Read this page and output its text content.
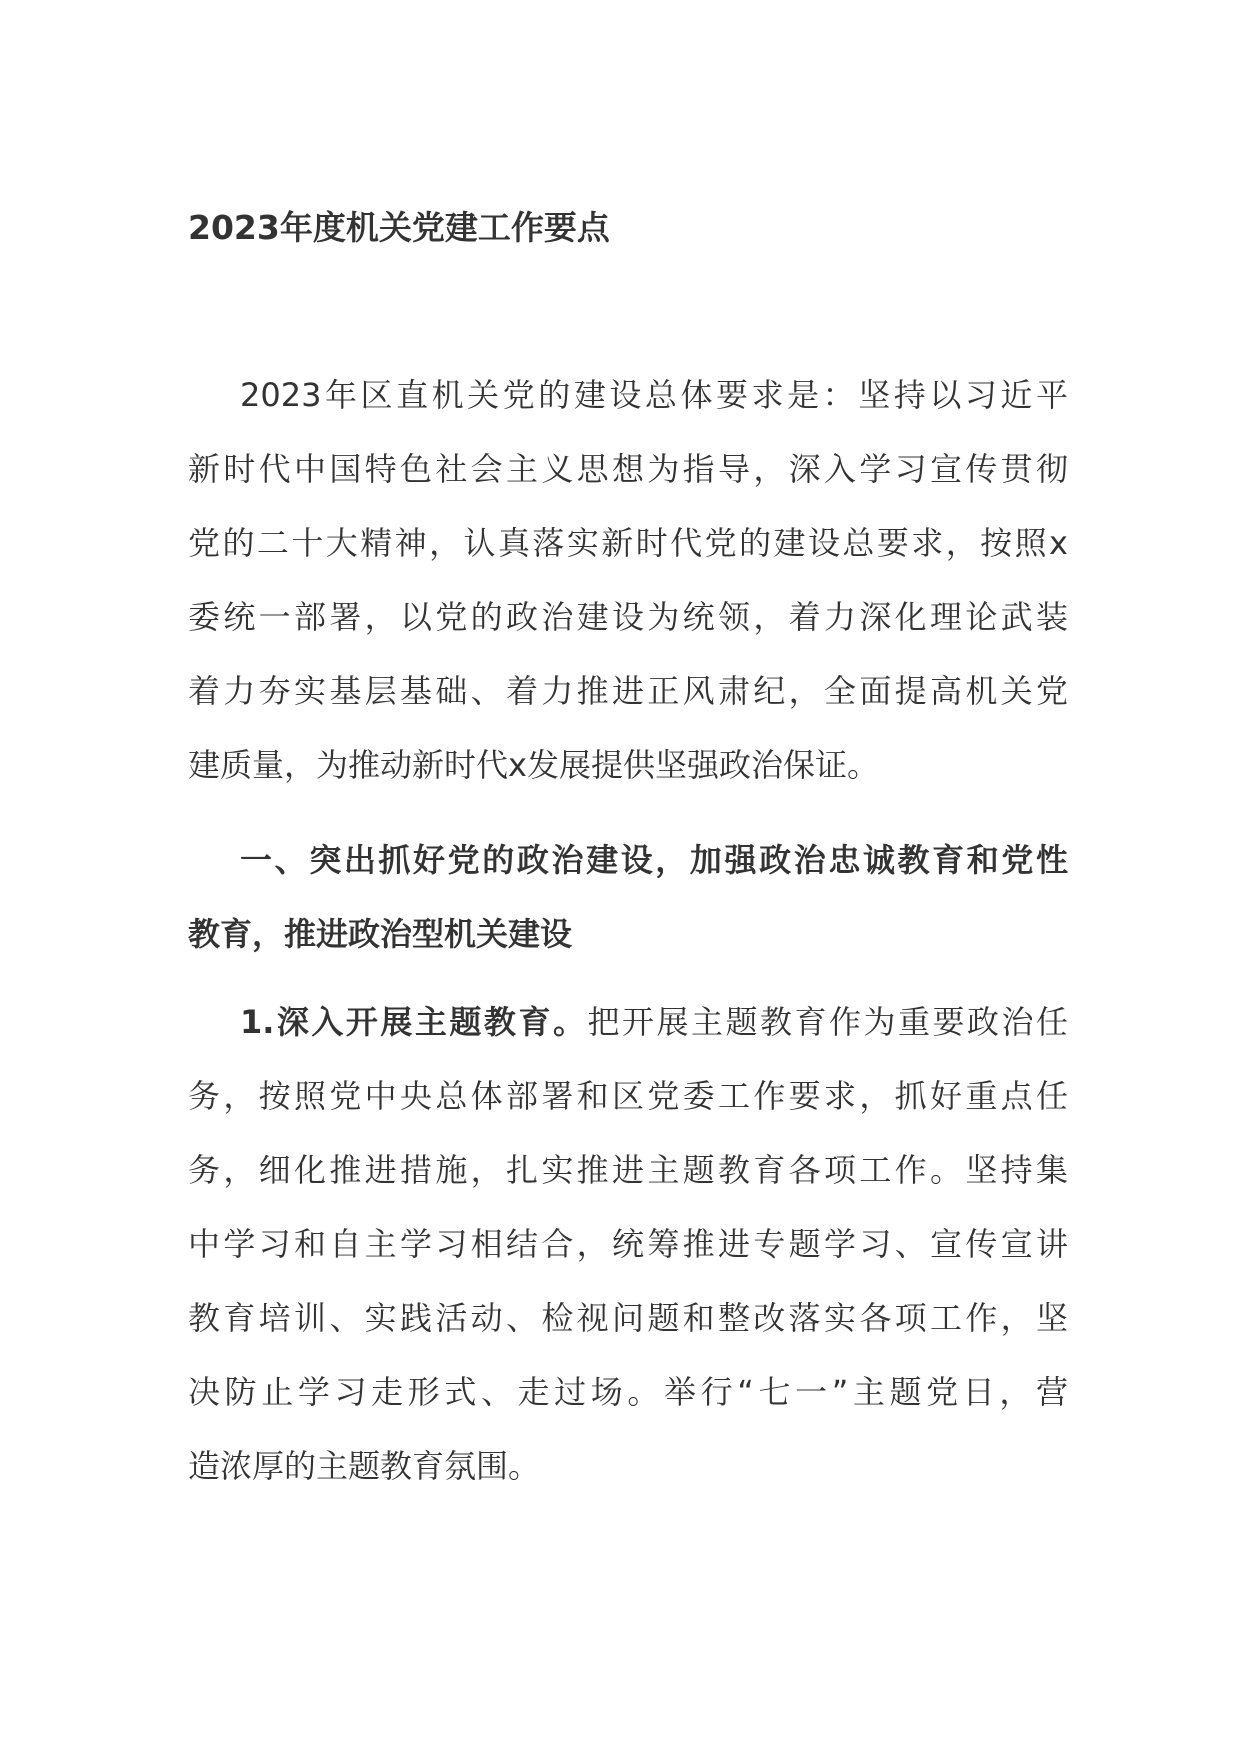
2023年度机关党建工作要点
2023年区直机关党的建设总体要求是：坚持以习近平
新时代中国特色社会主义思想为指导，深入学习宣传贯彻
党的二十大精神，认真落实新时代党的建设总要求，按照x
委统一部署，以党的政治建设为统领，着力深化理论武装
着力夯实基层基础、着力推进正风肃纪，全面提高机关党
建质量，为推动新时代x发展提供坚强政治保证。
一、突出抓好党的政治建设，加强政治忠诚教育和党性
教育，推进政治型机关建设
1.深入开展主题教育。把开展主题教育作为重要政治任
务，按照党中央总体部署和区党委工作要求，抓好重点任
务，细化推进措施，扎实推进主题教育各项工作。坚持集
中学习和自主学习相结合，统筹推进专题学习、宣传宣讲
教育培训、实践活动、检视问题和整改落实各项工作，坚
决防止学习走形式、走过场。举行“七一”主题党日，营
造浓厚的主题教育氛围。
